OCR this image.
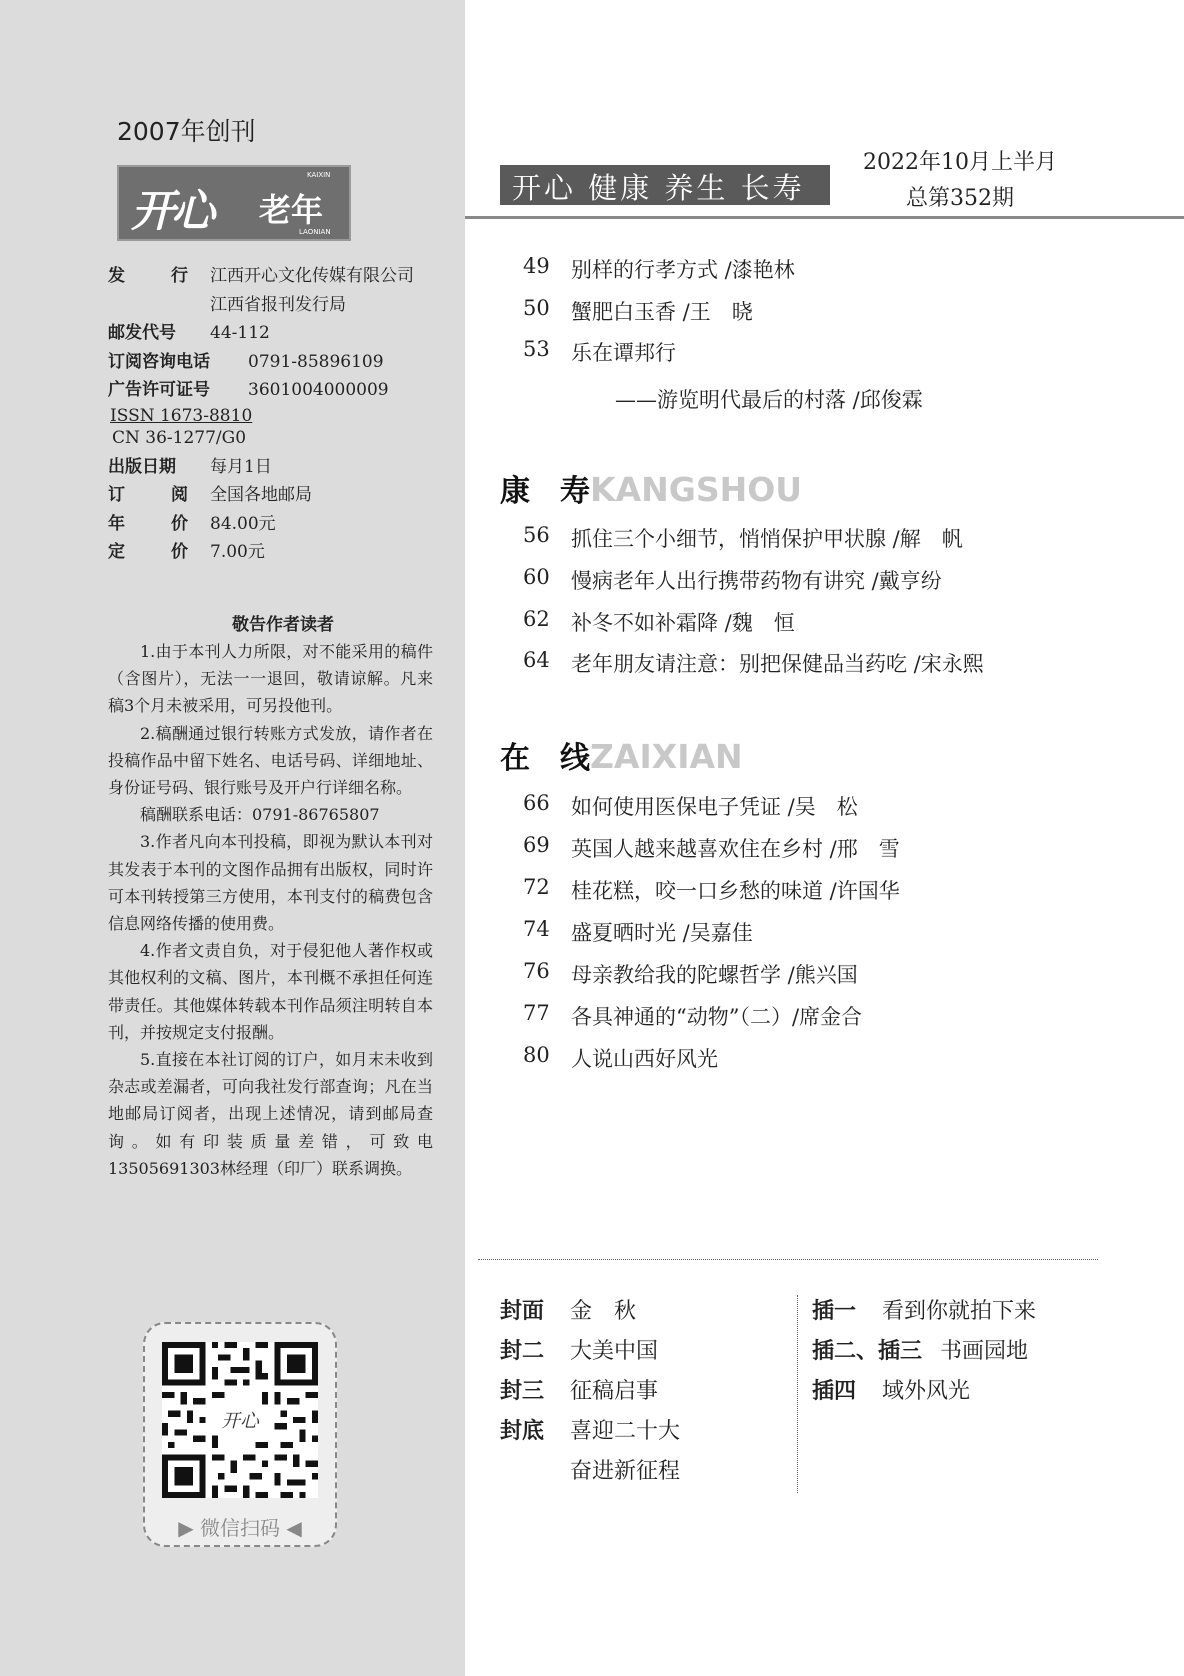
2007年创刊
开心 老年
KAIXIN
LAONIAN
发行 江西开心文化传媒有限公司
江西省报刊发行局
邮发代号 44-112
订阅咨询电话 0791-85896109
广告许可证号 3601004000009
ISSN 1673-8810
CN 36-1277/G0
出版日期 每月1日
订阅 全国各地邮局
年价 84.00元
定价 7.00元
敬告作者读者

1.由于本刊人力所限，对不能采用的稿件（含图片），无法一一退回，敬请谅解。凡来稿3个月未被采用，可另投他刊。

2.稿酬通过银行转账方式发放，请作者在投稿作品中留下姓名、电话号码、详细地址、身份证号码、银行账号及开户行详细名称。

稿酬联系电话：0791-86765807

3.作者凡向本刊投稿，即视为默认本刊对其发表于本刊的文图作品拥有出版权，同时许可本刊转授第三方使用，本刊支付的稿费包含信息网络传播的使用费。

4.作者文责自负，对于侵犯他人著作权或其他权利的文稿、图片，本刊概不承担任何连带责任。其他媒体转载本刊作品须注明转自本刊，并按规定支付报酬。

5.直接在本社订阅的订户，如月末未收到杂志或差漏者，可向我社发行部查询；凡在当地邮局订阅者，出现上述情况，请到邮局查询。如有印装质量差错，可致电13505691303林经理（印厂）联系调换。

开心
▶ 微信扫码 ◀
开心 健康 养生 长寿
2022年10月上半月
总第352期
49	别样的行孝方式 /漆艳林
50	蟹肥白玉香 /王　晓
53	乐在谭邦行
——游览明代最后的村落 /邱俊霖
康　寿KANGSHOU
56	抓住三个小细节，悄悄保护甲状腺 /解　帆
60	慢病老年人出行携带药物有讲究 /戴亨纷
62	补冬不如补霜降 /魏　恒
64	老年朋友请注意：别把保健品当药吃 /宋永熙
在　线ZAIXIAN
66	如何使用医保电子凭证 /吴　松
69	英国人越来越喜欢住在乡村 /邢　雪
72	桂花糕，咬一口乡愁的味道 /许国华
74	盛夏晒时光 /吴嘉佳
76	母亲教给我的陀螺哲学 /熊兴国
77	各具神通的“动物”（二）/席金合
80	人说山西好风光
封面 金　秋
封二 大美中国
封三 征稿启事
封底 喜迎二十大
奋进新征程
插一 看到你就拍下来
插二、插三 书画园地
插四 域外风光
